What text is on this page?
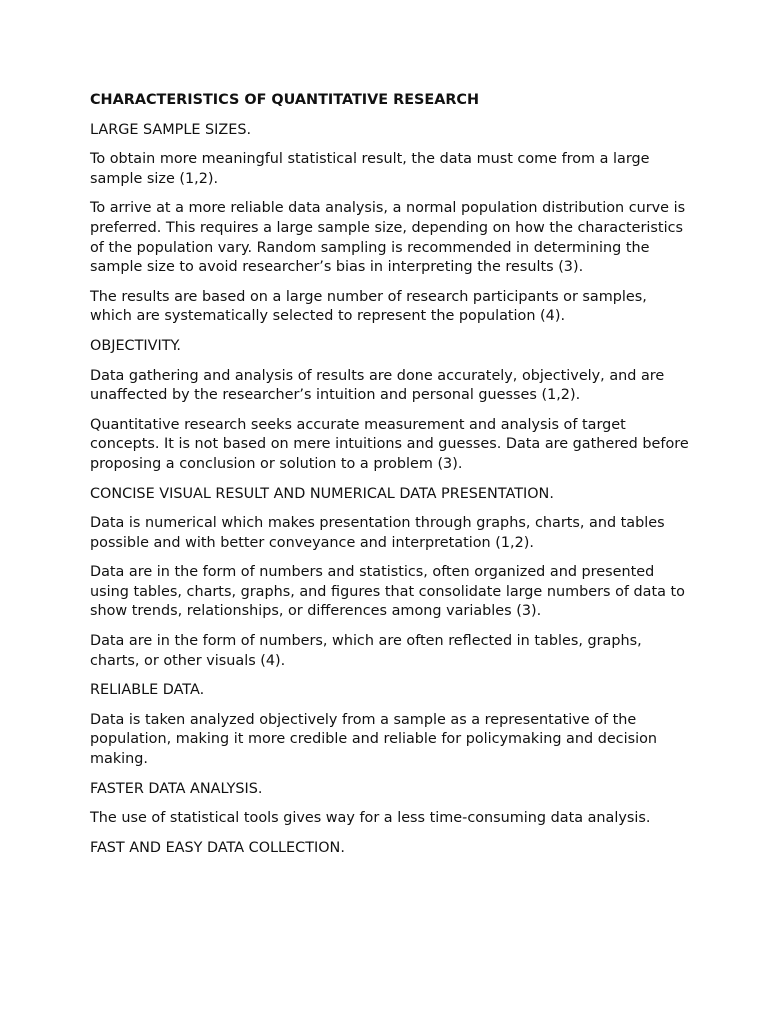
CHARACTERISTICS OF QUANTITATIVE RESEARCH
LARGE SAMPLE SIZES.
To obtain more meaningful statistical result, the data must come from a large sample size (1,2).
To arrive at a more reliable data analysis, a normal population distribution curve is preferred. This requires a large sample size, depending on how the characteristics of the population vary. Random sampling is recommended in determining the sample size to avoid researcher’s bias in interpreting the results (3).
The results are based on a large number of research participants or samples, which are systematically selected to represent the population (4).
OBJECTIVITY.
Data gathering and analysis of results are done accurately, objectively, and are unaffected by the researcher’s intuition and personal guesses (1,2).
Quantitative research seeks accurate measurement and analysis of target concepts. It is not based on mere intuitions and guesses. Data are gathered before proposing a conclusion or solution to a problem (3).
CONCISE VISUAL RESULT AND NUMERICAL DATA PRESENTATION.
Data is numerical which makes presentation through graphs, charts, and tables possible and with better conveyance and interpretation (1,2).
Data are in the form of numbers and statistics, often organized and presented using tables, charts, graphs, and figures that consolidate large numbers of data to show trends, relationships, or differences among variables (3).
Data are in the form of numbers, which are often reflected in tables, graphs, charts, or other visuals (4).
RELIABLE DATA.
Data is taken analyzed objectively from a sample as a representative of the population, making it more credible and reliable for policymaking and decision making.
FASTER DATA ANALYSIS.
The use of statistical tools gives way for a less time-consuming data analysis.
FAST AND EASY DATA COLLECTION.
